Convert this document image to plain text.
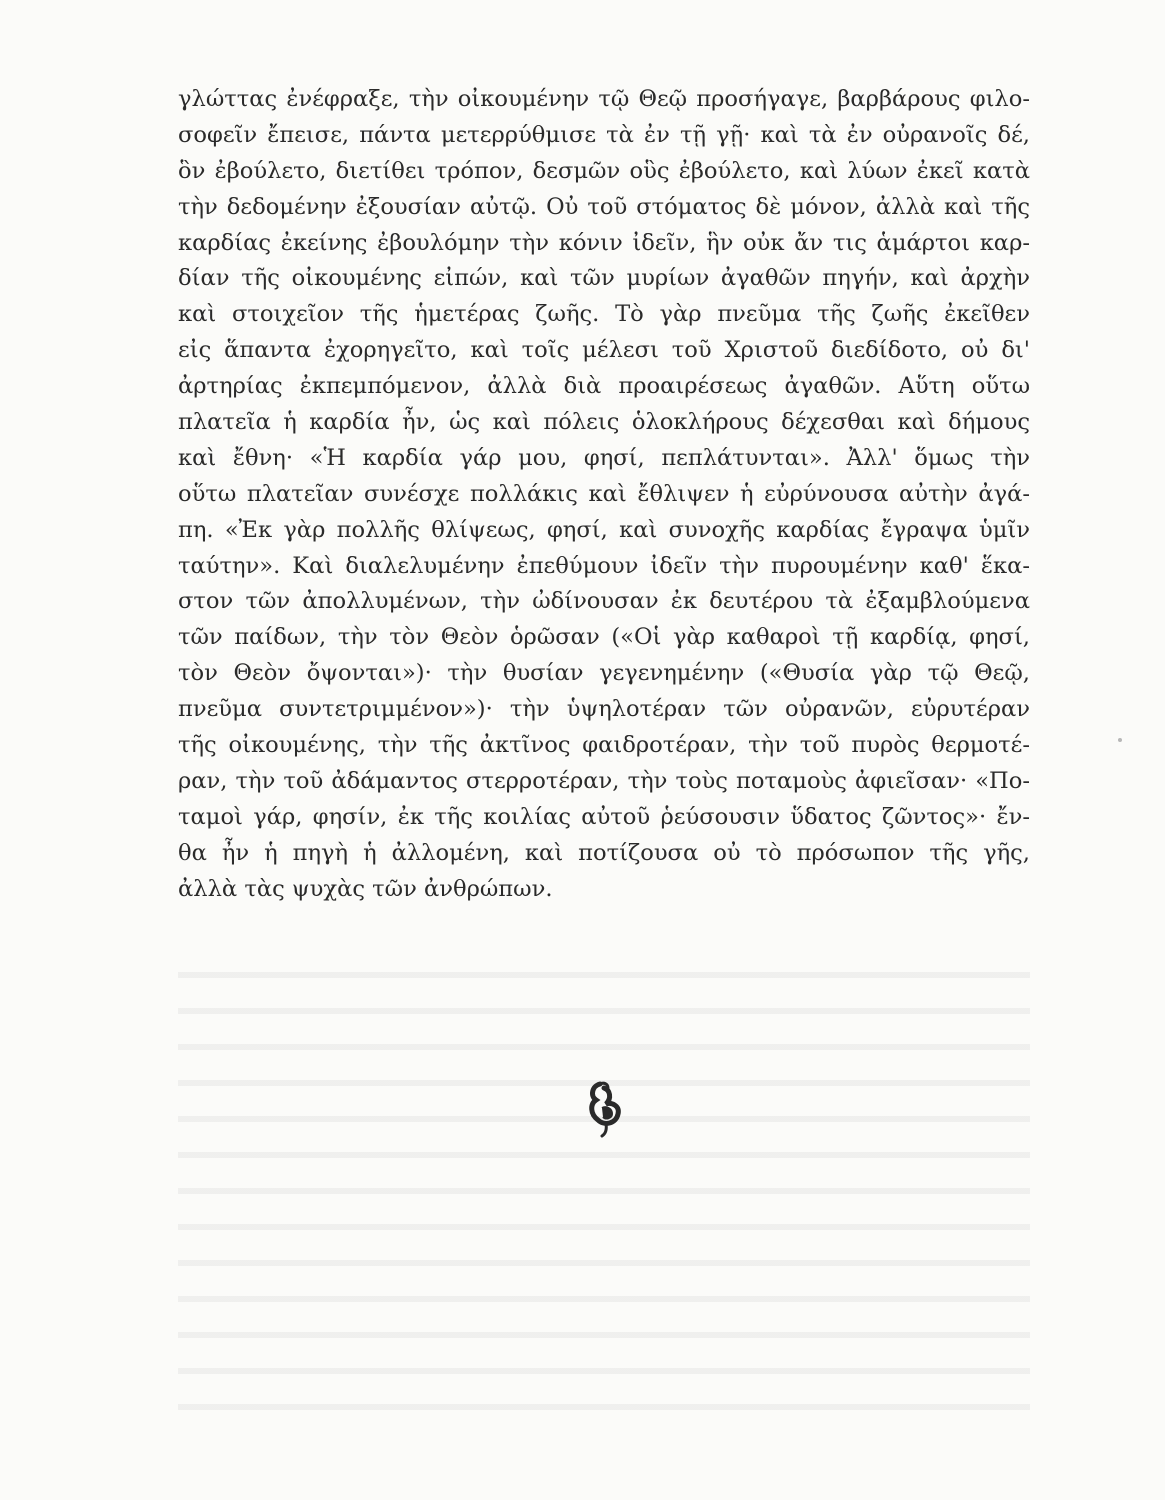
γλώττας ἐνέφραξε, τὴν οἰκουμένην τῷ Θεῷ προσήγαγε, βαρβάρους φιλο-
σοφεῖν ἔπεισε, πάντα μετερρύθμισε τὰ ἐν τῇ γῇ· καὶ τὰ ἐν οὐρανοῖς δέ,
ὃν ἐβούλετο, διετίθει τρόπον, δεσμῶν οὓς ἐβούλετο, καὶ λύων ἐκεῖ κατὰ
τὴν δεδομένην ἐξουσίαν αὐτῷ. Οὐ τοῦ στόματος δὲ μόνον, ἀλλὰ καὶ τῆς
καρδίας ἐκείνης ἐβουλόμην τὴν κόνιν ἰδεῖν, ἣν οὐκ ἄν τις ἁμάρτοι καρ-
δίαν τῆς οἰκουμένης εἰπών, καὶ τῶν μυρίων ἀγαθῶν πηγήν, καὶ ἀρχὴν
καὶ στοιχεῖον τῆς ἡμετέρας ζωῆς. Τὸ γὰρ πνεῦμα τῆς ζωῆς ἐκεῖθεν
εἰς ἅπαντα ἐχορηγεῖτο, καὶ τοῖς μέλεσι τοῦ Χριστοῦ διεδίδοτο, οὐ δι'
ἀρτηρίας ἐκπεμπόμενον, ἀλλὰ διὰ προαιρέσεως ἀγαθῶν. Αὕτη οὕτω
πλατεῖα ἡ καρδία ἦν, ὡς καὶ πόλεις ὁλοκλήρους δέχεσθαι καὶ δήμους
καὶ ἔθνη· «Ἡ καρδία γάρ μου, φησί, πεπλάτυνται». Ἀλλ' ὅμως τὴν
οὕτω πλατεῖαν συνέσχε πολλάκις καὶ ἔθλιψεν ἡ εὐρύνουσα αὐτὴν ἀγά-
πη. «Ἐκ γὰρ πολλῆς θλίψεως, φησί, καὶ συνοχῆς καρδίας ἔγραψα ὑμῖν
ταύτην». Καὶ διαλελυμένην ἐπεθύμουν ἰδεῖν τὴν πυρουμένην καθ' ἕκα-
στον τῶν ἀπολλυμένων, τὴν ὠδίνουσαν ἐκ δευτέρου τὰ ἐξαμβλούμενα
τῶν παίδων, τὴν τὸν Θεὸν ὁρῶσαν («Οἱ γὰρ καθαροὶ τῇ καρδίᾳ, φησί,
τὸν Θεὸν ὄψονται»)· τὴν θυσίαν γεγενημένην («Θυσία γὰρ τῷ Θεῷ,
πνεῦμα συντετριμμένον»)· τὴν ὑψηλοτέραν τῶν οὐρανῶν, εὐρυτέραν
τῆς οἰκουμένης, τὴν τῆς ἀκτῖνος φαιδροτέραν, τὴν τοῦ πυρὸς θερμοτέ-
ραν, τὴν τοῦ ἀδάμαντος στερροτέραν, τὴν τοὺς ποταμοὺς ἀφιεῖσαν· «Πο-
ταμοὶ γάρ, φησίν, ἐκ τῆς κοιλίας αὐτοῦ ῥεύσουσιν ὕδατος ζῶντος»· ἔν-
θα ἦν ἡ πηγὴ ἡ ἀλλομένη, καὶ ποτίζουσα οὐ τὸ πρόσωπον τῆς γῆς,
ἀλλὰ τὰς ψυχὰς τῶν ἀνθρώπων.
